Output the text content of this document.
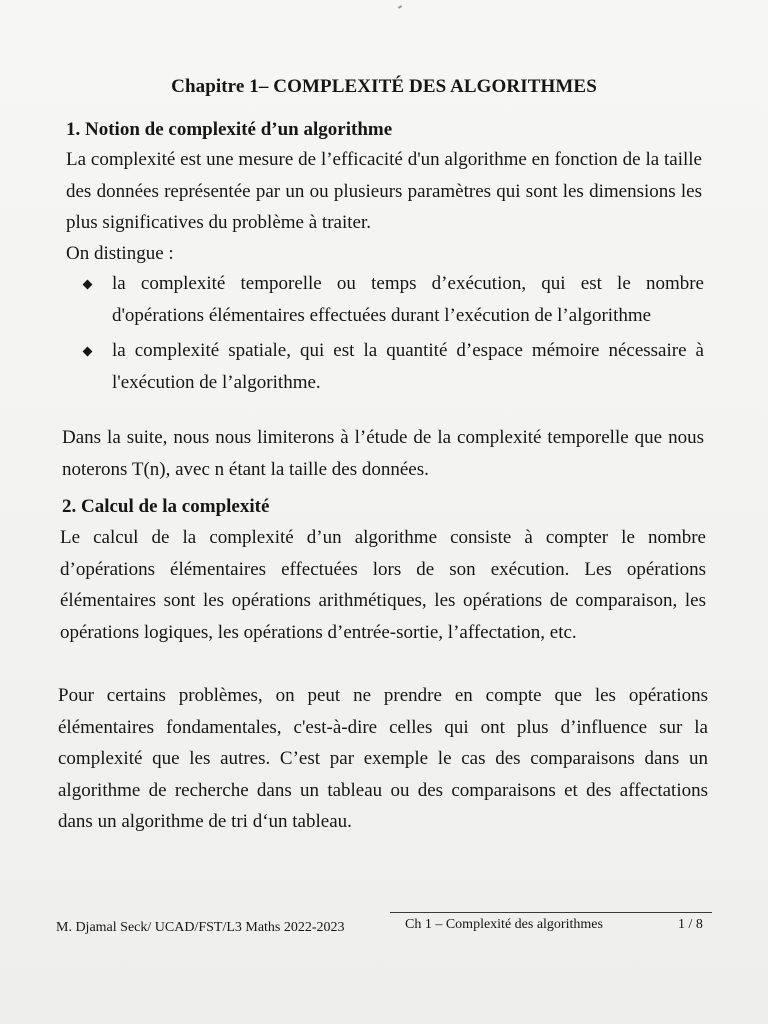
Chapitre 1– COMPLEXITÉ DES ALGORITHMES
1. Notion de complexité d’un algorithme
La complexité est une mesure de l’efficacité d'un algorithme en fonction de la taille des données représentée par un ou plusieurs paramètres qui sont les dimensions les plus significatives du problème à traiter.
On distingue :
la complexité temporelle ou temps d’exécution, qui est le nombre d'opérations élémentaires effectuées durant l’exécution de l’algorithme
la complexité spatiale, qui est la quantité d’espace mémoire nécessaire à l'exécution de l’algorithme.
Dans la suite, nous nous limiterons à l’étude de la complexité temporelle que nous noterons T(n), avec n étant la taille des données.
2. Calcul de la complexité
Le calcul de la complexité d’un algorithme consiste à compter le nombre d’opérations élémentaires effectuées lors de son exécution. Les opérations élémentaires sont les opérations arithmétiques, les opérations de comparaison, les opérations logiques, les opérations d’entrée-sortie, l’affectation, etc.
Pour certains problèmes, on peut ne prendre en compte que les opérations élémentaires fondamentales, c'est-à-dire celles qui ont plus d’influence sur la complexité que les autres. C’est par exemple le cas des comparaisons dans un algorithme de recherche dans un tableau ou des comparaisons et des affectations dans un algorithme de tri d‘un tableau.
M. Djamal Seck/ UCAD/FST/L3 Maths 2022-2023	Ch 1 – Complexité des algorithmes	1 / 8
